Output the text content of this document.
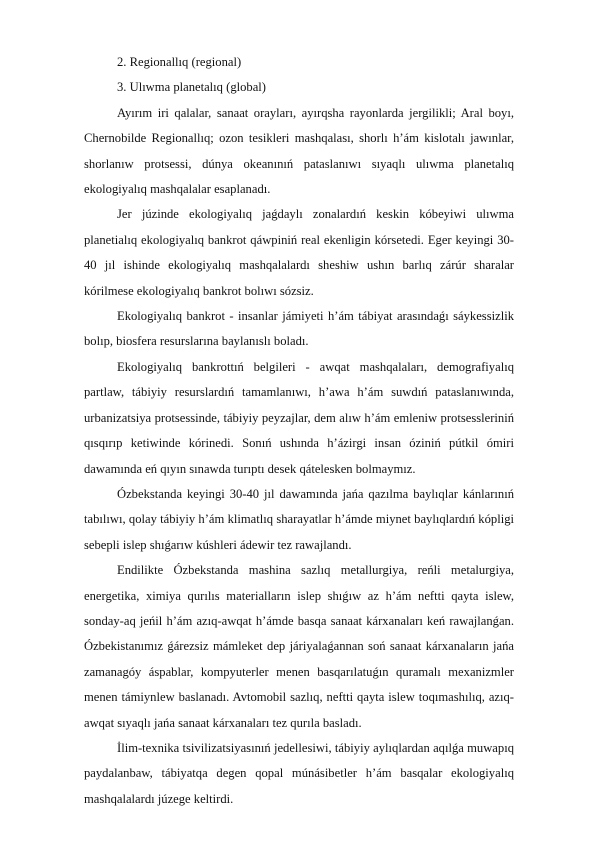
2. Regionallıq (regional)

3. Ulıwma planetalıq (global)

Ayırım iri qalalar, sanaat orayları, ayırqsha rayonlarda jergilikli; Aral boyı, Chernobilde Regionallıq; ozon tesikleri mashqalası, shorlı h’ám kislotalı jawınlar, shorlanıw protsessi, dúnya okeanınıń pataslanıwı sıyaqlı ulıwma planetalıq ekologiyalıq mashqalalar esaplanadı.

Jer júzinde ekologiyalıq jaǵdaylı zonalardıń keskin kóbeyiwi ulıwma planetialıq ekologiyalıq bankrot qáwpiniń real ekenligin kórsetedi. Eger keyingi 30-40 jıl ishinde ekologiyalıq mashqalalardı sheshiw ushın barlıq zárúr sharalar kórilmese ekologiyalıq bankrot bolıwı sózsiz.

Ekologiyalıq bankrot - insanlar jámiyeti h’ám tábiyat arasındaǵı sáykessizlik bolıp, biosfera resurslarına baylanıslı boladı.

Ekologiyalıq bankrottıń belgileri - awqat mashqalaları, demografiyalıq partlaw, tábiyiy resurslardıń tamamlanıwı, h’awa h’ám suwdıń pataslanıwında, urbanizatsiya protsessinde, tábiyiy peyzajlar, dem alıw h’ám emleniw protsessleriniń qısqırıp ketiwinde kórinedi. Sonıń ushında h’ázirgi insan óziniń pútkil ómiri dawamında eń qıyın sınawda turıptı desek qátelesken bolmaymız.

Ózbekstanda keyingi 30-40 jıl dawamında jańa qazılma baylıqlar kánlarınıń tabılıwı, qolay tábiyiy h’ám klimatlıq sharayatlar h’ámde miynet baylıqlardıń kópligi sebepli islep shıǵarıw kúshleri ádewir tez rawajlandı.

Endilikte Ózbekstanda mashina sazlıq metallurgiya, reńli metalurgiya, energetika, ximiya qurılıs materialların islep shıǵıw az h’ám neftti qayta islew, sonday-aq jeńil h’ám azıq-awqat h’ámde basqa sanaat kárxanaları keń rawajlanǵan. Ózbekistanımız ǵárezsiz mámleket dep járiyalaǵannan soń sanaat kárxanaların jańa zamanagóy áspablar, kompyuterler menen basqarılatuǵın quramalı mexanizmler menen támiynlew baslanadı. Avtomobil sazlıq, neftti qayta islew toqımashılıq, azıq-awqat sıyaqlı jańa sanaat kárxanaları tez qurıla basladı.

İlim-texnika tsivilizatsiyasınıń jedellesiwi, tábiyiy aylıqlardan aqılǵa muwapıq paydalanbaw, tábiyatqa degen qopal múnásibetler h’ám basqalar ekologiyalıq mashqalalardı júzege keltirdi.
